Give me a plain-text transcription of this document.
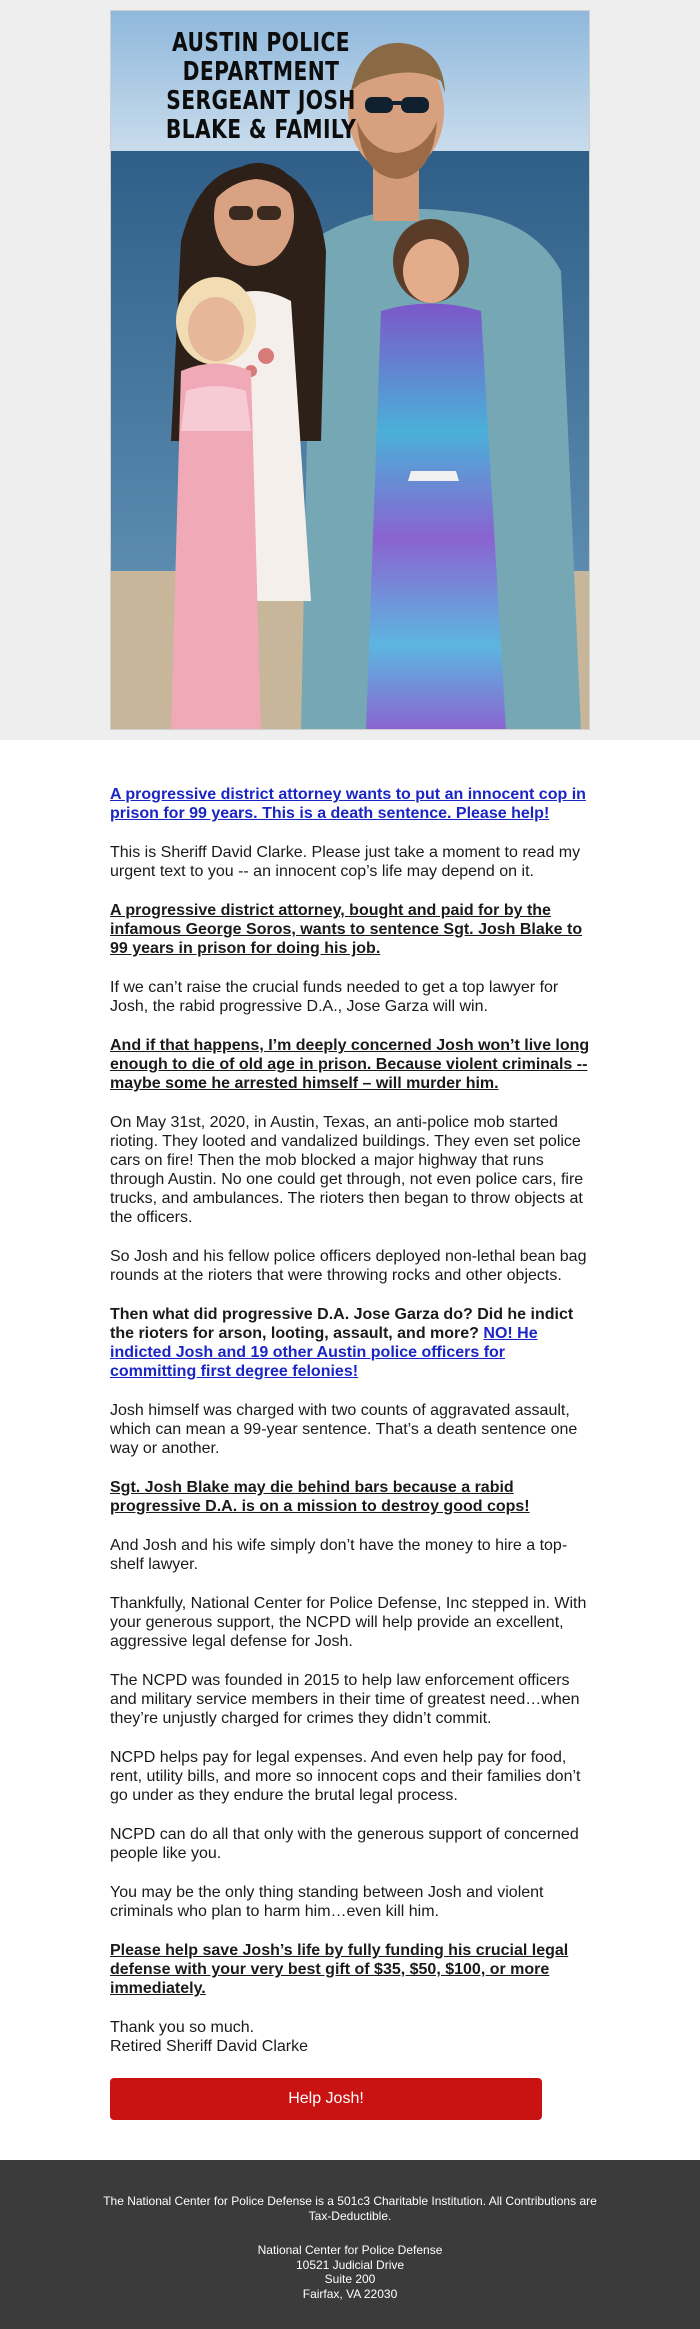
AUSTIN POLICE
DEPARTMENT
SERGEANT JOSH
BLAKE & FAMILY

A progressive district attorney wants to put an innocent cop in prison for 99 years. This is a death sentence. Please help!

This is Sheriff David Clarke. Please just take a moment to read my urgent text to you -- an innocent cop’s life may depend on it.

A progressive district attorney, bought and paid for by the infamous George Soros, wants to sentence Sgt. Josh Blake to 99 years in prison for doing his job.

If we can’t raise the crucial funds needed to get a top lawyer for Josh, the rabid progressive D.A., Jose Garza will win.

And if that happens, I’m deeply concerned Josh won’t live long enough to die of old age in prison. Because violent criminals -- maybe some he arrested himself – will murder him.

On May 31st, 2020, in Austin, Texas, an anti-police mob started rioting. They looted and vandalized buildings. They even set police cars on fire! Then the mob blocked a major highway that runs through Austin. No one could get through, not even police cars, fire trucks, and ambulances. The rioters then began to throw objects at the officers.

So Josh and his fellow police officers deployed non-lethal bean bag rounds at the rioters that were throwing rocks and other objects.

Then what did progressive D.A. Jose Garza do? Did he indict the rioters for arson, looting, assault, and more? NO! He indicted Josh and 19 other Austin police officers for committing first degree felonies!

Josh himself was charged with two counts of aggravated assault, which can mean a 99-year sentence. That’s a death sentence one way or another.

Sgt. Josh Blake may die behind bars because a rabid progressive D.A. is on a mission to destroy good cops!

And Josh and his wife simply don’t have the money to hire a top-shelf lawyer.

Thankfully, National Center for Police Defense, Inc stepped in. With your generous support, the NCPD will help provide an excellent, aggressive legal defense for Josh.

The NCPD was founded in 2015 to help law enforcement officers and military service members in their time of greatest need…when they’re unjustly charged for crimes they didn’t commit.

NCPD helps pay for legal expenses. And even help pay for food, rent, utility bills, and more so innocent cops and their families don’t go under as they endure the brutal legal process.

NCPD can do all that only with the generous support of concerned people like you.

You may be the only thing standing between Josh and violent criminals who plan to harm him…even kill him.

Please help save Josh’s life by fully funding his crucial legal defense with your very best gift of $35, $50, $100, or more immediately.

Thank you so much.
Retired Sheriff David Clarke

Help Josh!
The National Center for Police Defense is a 501c3 Charitable Institution. All Contributions are Tax-Deductible.
National Center for Police Defense
10521 Judicial Drive
Suite 200
Fairfax, VA 22030
